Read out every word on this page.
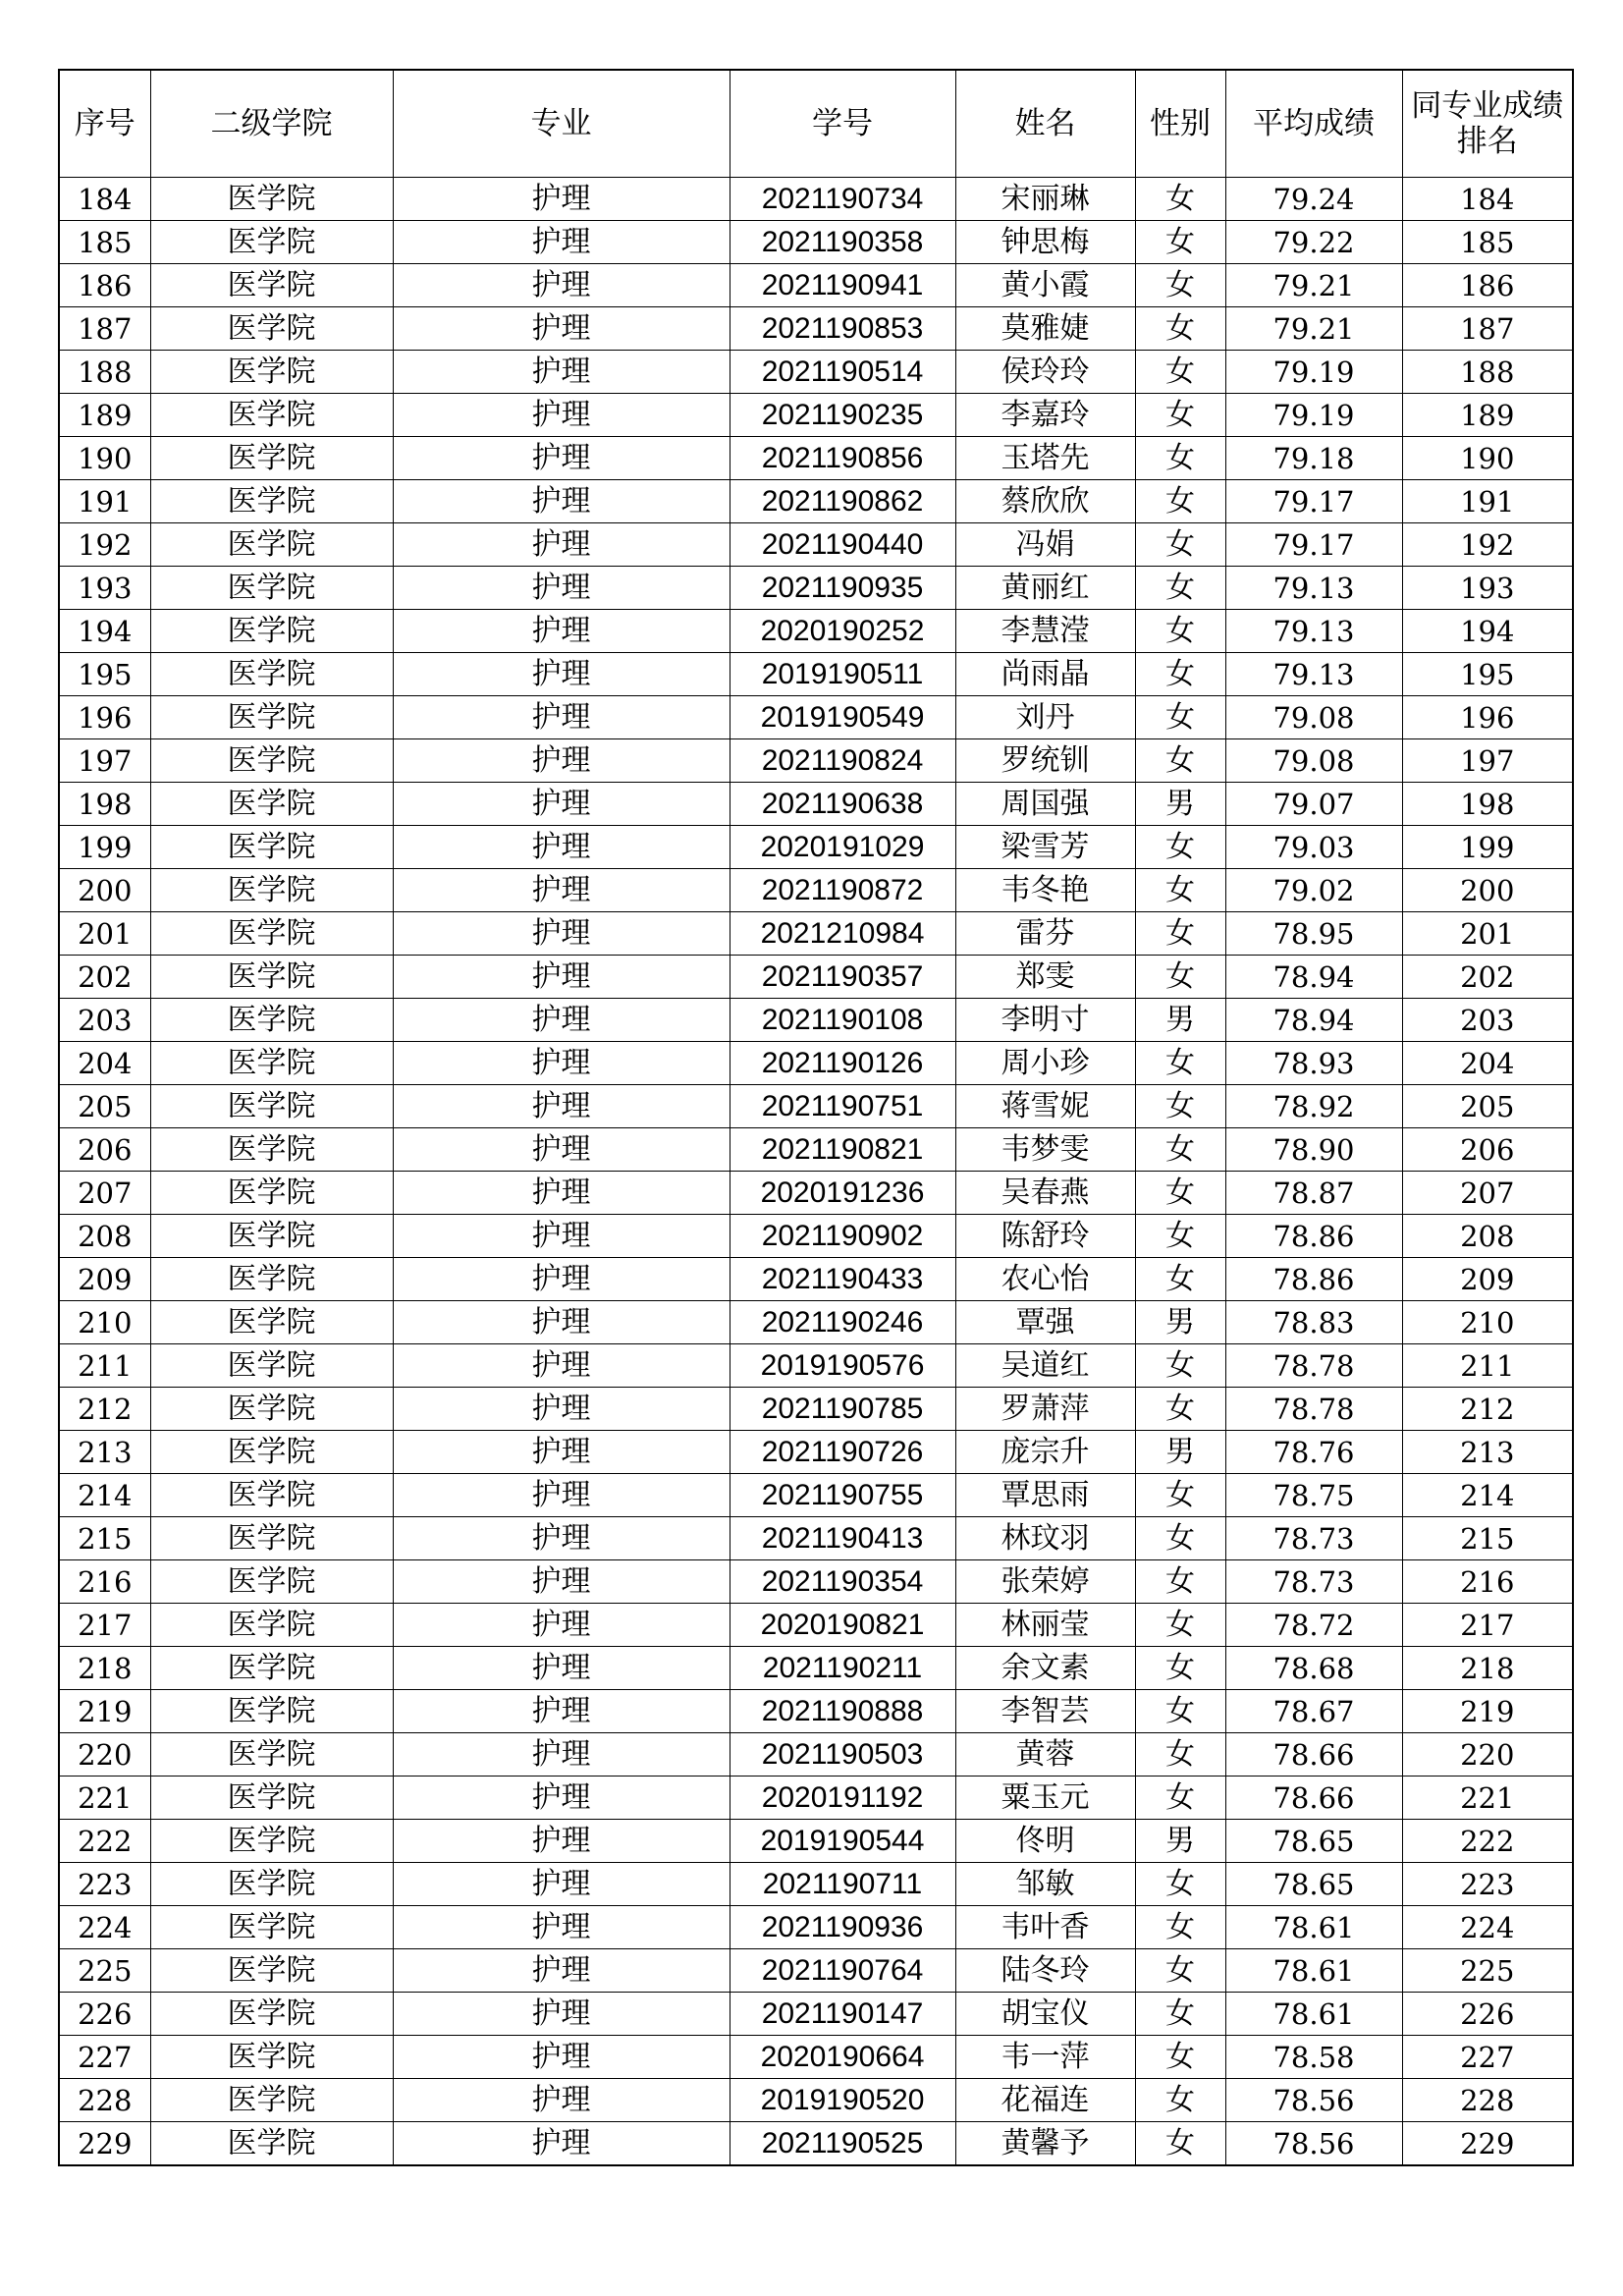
序号	二级学院	专业	学号	姓名	性别	平均成绩	同专业成绩排名
184	医学院	护理	2021190734	宋丽琳	女	79.24	184
185	医学院	护理	2021190358	钟思梅	女	79.22	185
186	医学院	护理	2021190941	黄小霞	女	79.21	186
187	医学院	护理	2021190853	莫雅婕	女	79.21	187
188	医学院	护理	2021190514	侯玲玲	女	79.19	188
189	医学院	护理	2021190235	李嘉玲	女	79.19	189
190	医学院	护理	2021190856	玉塔先	女	79.18	190
191	医学院	护理	2021190862	蔡欣欣	女	79.17	191
192	医学院	护理	2021190440	冯娟	女	79.17	192
193	医学院	护理	2021190935	黄丽红	女	79.13	193
194	医学院	护理	2020190252	李慧滢	女	79.13	194
195	医学院	护理	2019190511	尚雨晶	女	79.13	195
196	医学院	护理	2019190549	刘丹	女	79.08	196
197	医学院	护理	2021190824	罗统钏	女	79.08	197
198	医学院	护理	2021190638	周国强	男	79.07	198
199	医学院	护理	2020191029	梁雪芳	女	79.03	199
200	医学院	护理	2021190872	韦冬艳	女	79.02	200
201	医学院	护理	2021210984	雷芬	女	78.95	201
202	医学院	护理	2021190357	郑雯	女	78.94	202
203	医学院	护理	2021190108	李明寸	男	78.94	203
204	医学院	护理	2021190126	周小珍	女	78.93	204
205	医学院	护理	2021190751	蒋雪妮	女	78.92	205
206	医学院	护理	2021190821	韦梦雯	女	78.90	206
207	医学院	护理	2020191236	吴春燕	女	78.87	207
208	医学院	护理	2021190902	陈舒玲	女	78.86	208
209	医学院	护理	2021190433	农心怡	女	78.86	209
210	医学院	护理	2021190246	覃强	男	78.83	210
211	医学院	护理	2019190576	吴道红	女	78.78	211
212	医学院	护理	2021190785	罗萧萍	女	78.78	212
213	医学院	护理	2021190726	庞宗升	男	78.76	213
214	医学院	护理	2021190755	覃思雨	女	78.75	214
215	医学院	护理	2021190413	林玟羽	女	78.73	215
216	医学院	护理	2021190354	张荣婷	女	78.73	216
217	医学院	护理	2020190821	林丽莹	女	78.72	217
218	医学院	护理	2021190211	余文素	女	78.68	218
219	医学院	护理	2021190888	李智芸	女	78.67	219
220	医学院	护理	2021190503	黄蓉	女	78.66	220
221	医学院	护理	2020191192	粟玉元	女	78.66	221
222	医学院	护理	2019190544	佟明	男	78.65	222
223	医学院	护理	2021190711	邹敏	女	78.65	223
224	医学院	护理	2021190936	韦叶香	女	78.61	224
225	医学院	护理	2021190764	陆冬玲	女	78.61	225
226	医学院	护理	2021190147	胡宝仪	女	78.61	226
227	医学院	护理	2020190664	韦一萍	女	78.58	227
228	医学院	护理	2019190520	花福连	女	78.56	228
229	医学院	护理	2021190525	黄馨予	女	78.56	229
